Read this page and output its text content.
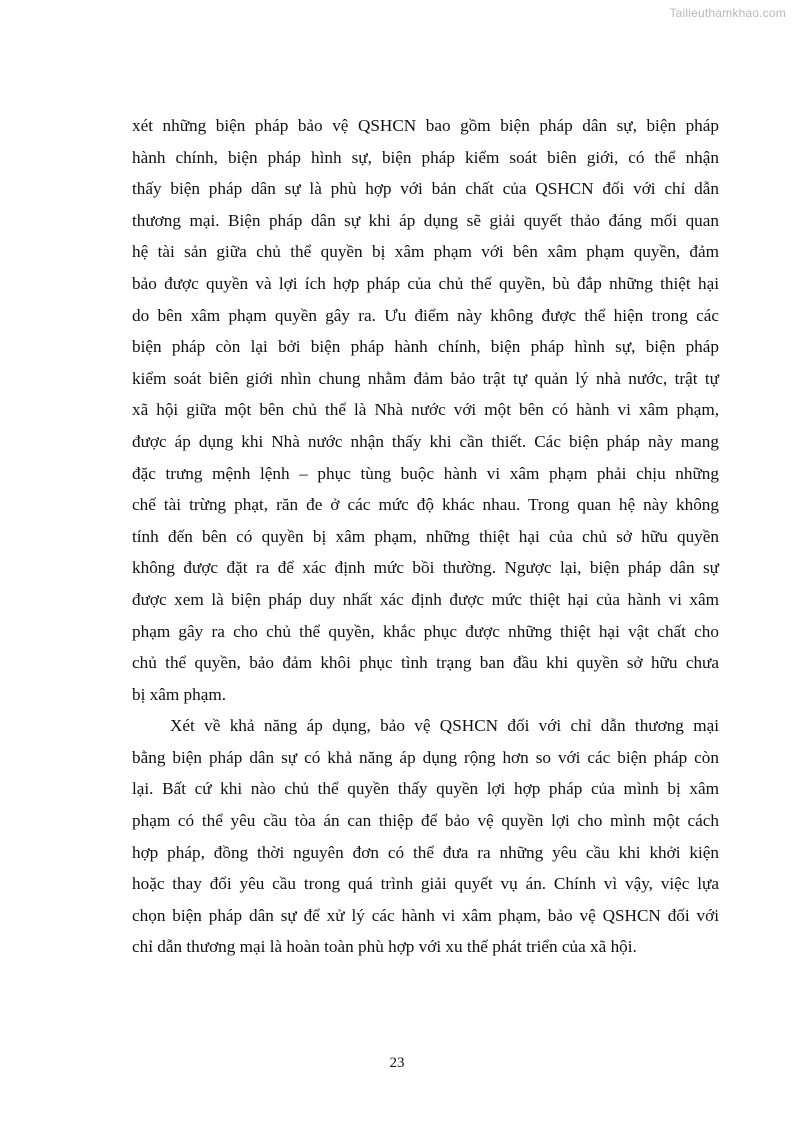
Tailieuthamkhao.com
xét những biện pháp bảo vệ QSHCN bao gồm biện pháp dân sự, biện pháp
hành chính, biện pháp hình sự, biện pháp kiểm soát biên giới, có thể nhận
thấy biện pháp dân sự là phù hợp với bản chất của QSHCN đối với chỉ dẫn
thương mại. Biện pháp dân sự khi áp dụng sẽ giải quyết thảo đáng mối quan
hệ tài sản giữa chủ thể quyền bị xâm phạm với bên xâm phạm quyền, đảm
bảo được quyền và lợi ích hợp pháp của chủ thể quyền, bù đắp những thiệt hại
do bên xâm phạm quyền gây ra. Ưu điểm này không được thể hiện trong các
biện pháp còn lại bởi biện pháp hành chính, biện pháp hình sự, biện pháp
kiểm soát biên giới nhìn chung nhằm đảm bảo trật tự quản lý nhà nước, trật tự
xã hội giữa một bên chủ thể là Nhà nước với một bên có hành vi xâm phạm,
được áp dụng khi Nhà nước nhận thấy khi cần thiết. Các biện pháp này mang
đặc trưng mệnh lệnh – phục tùng buộc hành vi xâm phạm phải chịu những
chế tài trừng phạt, răn đe ở các mức độ khác nhau. Trong quan hệ này không
tính đến bên có quyền bị xâm phạm, những thiệt hại của chủ sở hữu quyền
không được đặt ra để xác định mức bồi thường. Ngược lại, biện pháp dân sự
được xem là biện pháp duy nhất xác định được mức thiệt hại của hành vi xâm
phạm gây ra cho chủ thể quyền, khắc phục được những thiệt hại vật chất cho
chủ thể quyền, bảo đảm khôi phục tình trạng ban đầu khi quyền sở hữu chưa
bị xâm phạm.
Xét về khả năng áp dụng, bảo vệ QSHCN đối với chỉ dẫn thương mại
bằng biện pháp dân sự có khả năng áp dụng rộng hơn so với các biện pháp còn
lại. Bất cứ khi nào chủ thể quyền thấy quyền lợi hợp pháp của mình bị xâm
phạm có thể yêu cầu tòa án can thiệp để bảo vệ quyền lợi cho mình một cách
hợp pháp, đồng thời nguyên đơn có thể đưa ra những yêu cầu khi khởi kiện
hoặc thay đổi yêu cầu trong quá trình giải quyết vụ án. Chính vì vậy, việc lựa
chọn biện pháp dân sự để xử lý các hành vi xâm phạm, bảo vệ QSHCN đối với
chỉ dẫn thương mại là hoàn toàn phù hợp với xu thế phát triển của xã hội.
23
